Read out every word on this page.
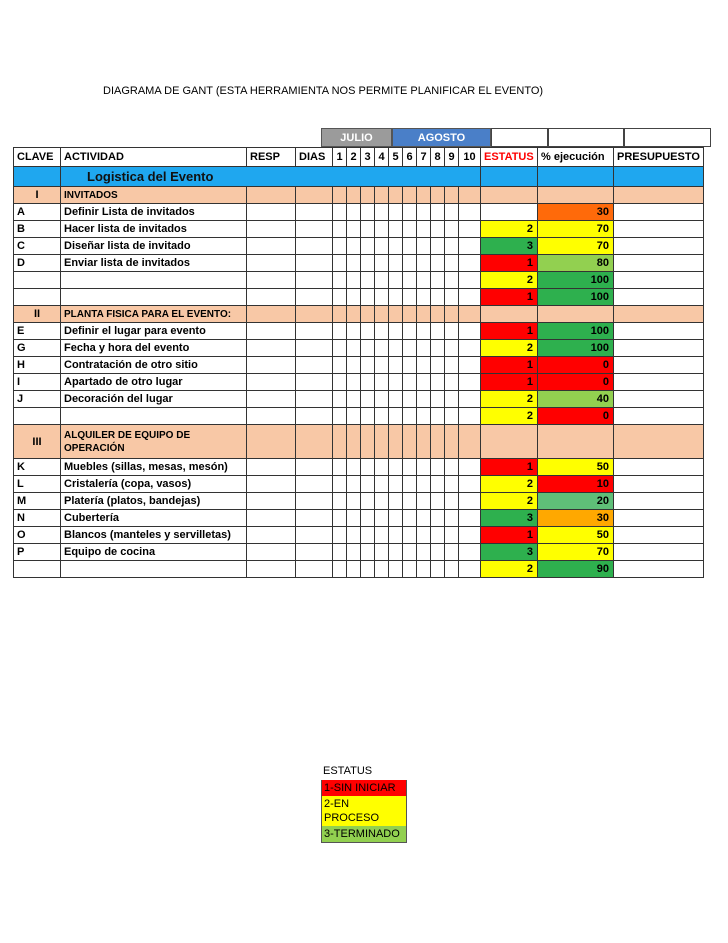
DIAGRAMA DE GANT (ESTA HERRAMIENTA NOS PERMITE PLANIFICAR EL EVENTO)
JULIO	AGOSTO
CLAVE	ACTIVIDAD	RESP	DIAS	1	2	3	4	5	6	7	8	9	10	ESTATUS	% ejecución	PRESUPUESTO
	Logistica del Evento															
I	INVITADOS															
A	Definir Lista de invitados														30	
B	Hacer lista de invitados													2	70	
C	Diseñar lista de invitado													3	70	
D	Enviar lista de invitados													1	80	
														2	100	
														1	100	
II	PLANTA FISICA PARA EL EVENTO:															
E	Definir el lugar para evento													1	100	
G	Fecha y hora del evento													2	100	
H	Contratación de otro sitio													1	0	
I	Apartado de otro lugar													1	0	
J	Decoración del lugar													2	40	
														2	0	
III	ALQUILER DE EQUIPO DE OPERACIÓN															
K	Muebles (sillas, mesas, mesón)													1	50	
L	Cristalería (copa, vasos)													2	10	
M	Platería (platos, bandejas)													2	20	
N	Cubertería													3	30	
O	Blancos (manteles y servilletas)													1	50	
P	Equipo de cocina													3	70	
														2	90	
ESTATUS
1-SIN INICIAR
2-EN PROCESO
3-TERMINADO
